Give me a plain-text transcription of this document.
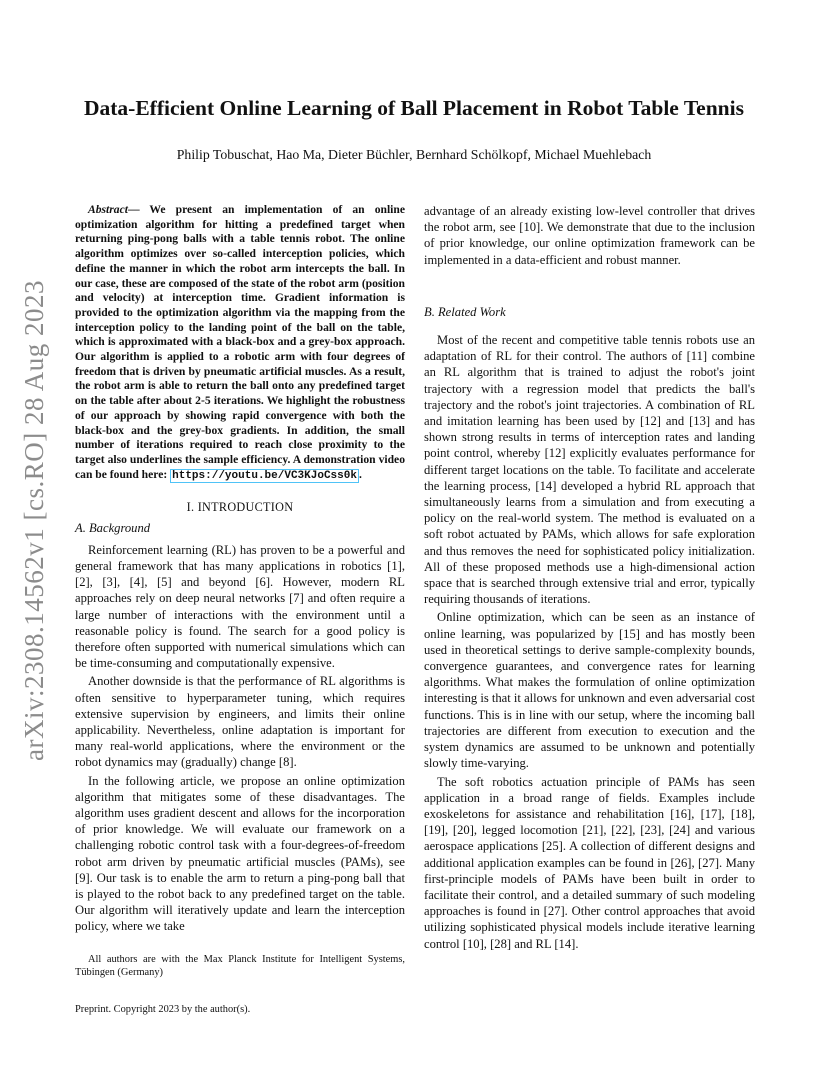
arXiv:2308.14562v1 [cs.RO] 28 Aug 2023
Data-Efficient Online Learning of Ball Placement in Robot Table Tennis
Philip Tobuschat, Hao Ma, Dieter Büchler, Bernhard Schölkopf, Michael Muehlebach

Abstract— We present an implementation of an online optimization algorithm for hitting a predefined target when returning ping-pong balls with a table tennis robot. The online algorithm optimizes over so-called interception policies, which define the manner in which the robot arm intercepts the ball. In our case, these are composed of the state of the robot arm (position and velocity) at interception time. Gradient information is provided to the optimization algorithm via the mapping from the interception policy to the landing point of the ball on the table, which is approximated with a black-box and a grey-box approach. Our algorithm is applied to a robotic arm with four degrees of freedom that is driven by pneumatic artificial muscles. As a result, the robot arm is able to return the ball onto any predefined target on the table after about 2-5 iterations. We highlight the robustness of our approach by showing rapid convergence with both the black-box and the grey-box gradients. In addition, the small number of iterations required to reach close proximity to the target also underlines the sample efficiency. A demonstration video can be found here: https://youtu.be/VC3KJoCss0k .

I. INTRODUCTION
A. Background

Reinforcement learning (RL) has proven to be a powerful and general framework that has many applications in robotics [1], [2], [3], [4], [5] and beyond [6]. However, modern RL approaches rely on deep neural networks [7] and often require a large number of interactions with the environment until a reasonable policy is found. The search for a good policy is therefore often supported with numerical simulations which can be time-consuming and computationally expensive.

Another downside is that the performance of RL algorithms is often sensitive to hyperparameter tuning, which requires extensive supervision by engineers, and limits their online applicability. Nevertheless, online adaptation is important for many real-world applications, where the environment or the robot dynamics may (gradually) change [8].

In the following article, we propose an online optimization algorithm that mitigates some of these disadvantages. The algorithm uses gradient descent and allows for the incorporation of prior knowledge. We will evaluate our framework on a challenging robotic control task with a four-degrees-of-freedom robot arm driven by pneumatic artificial muscles (PAMs), see [9]. Our task is to enable the arm to return a ping-pong ball that is played to the robot back to any predefined target on the table. Our algorithm will iteratively update and learn the interception policy, where we take

All authors are with the Max Planck Institute for Intelligent Systems, Tübingen (Germany)

Preprint. Copyright 2023 by the author(s).

advantage of an already existing low-level controller that drives the robot arm, see [10]. We demonstrate that due to the inclusion of prior knowledge, our online optimization framework can be implemented in a data-efficient and robust manner.

B. Related Work

Most of the recent and competitive table tennis robots use an adaptation of RL for their control. The authors of [11] combine an RL algorithm that is trained to adjust the robot's joint trajectory with a regression model that predicts the ball's trajectory and the robot's joint trajectories. A combination of RL and imitation learning has been used by [12] and [13] and has shown strong results in terms of interception rates and landing point control, whereby [12] explicitly evaluates performance for different target locations on the table. To facilitate and accelerate the learning process, [14] developed a hybrid RL approach that simultaneously learns from a simulation and from executing a policy on the real-world system. The method is evaluated on a soft robot actuated by PAMs, which allows for safe exploration and thus removes the need for sophisticated policy initialization. All of these proposed methods use a high-dimensional action space that is searched through extensive trial and error, typically requiring thousands of iterations.

Online optimization, which can be seen as an instance of online learning, was popularized by [15] and has mostly been used in theoretical settings to derive sample-complexity bounds, convergence guarantees, and convergence rates for learning algorithms. What makes the formulation of online optimization interesting is that it allows for unknown and even adversarial cost functions. This is in line with our setup, where the incoming ball trajectories are different from execution to execution and the system dynamics are assumed to be unknown and potentially slowly time-varying.

The soft robotics actuation principle of PAMs has seen application in a broad range of fields. Examples include exoskeletons for assistance and rehabilitation [16], [17], [18], [19], [20], legged locomotion [21], [22], [23], [24] and various aerospace applications [25]. A collection of different designs and additional application examples can be found in [26], [27]. Many first-principle models of PAMs have been built in order to facilitate their control, and a detailed summary of such modeling approaches is found in [27]. Other control approaches that avoid utilizing sophisticated physical models include iterative learning control [10], [28] and RL [14].
